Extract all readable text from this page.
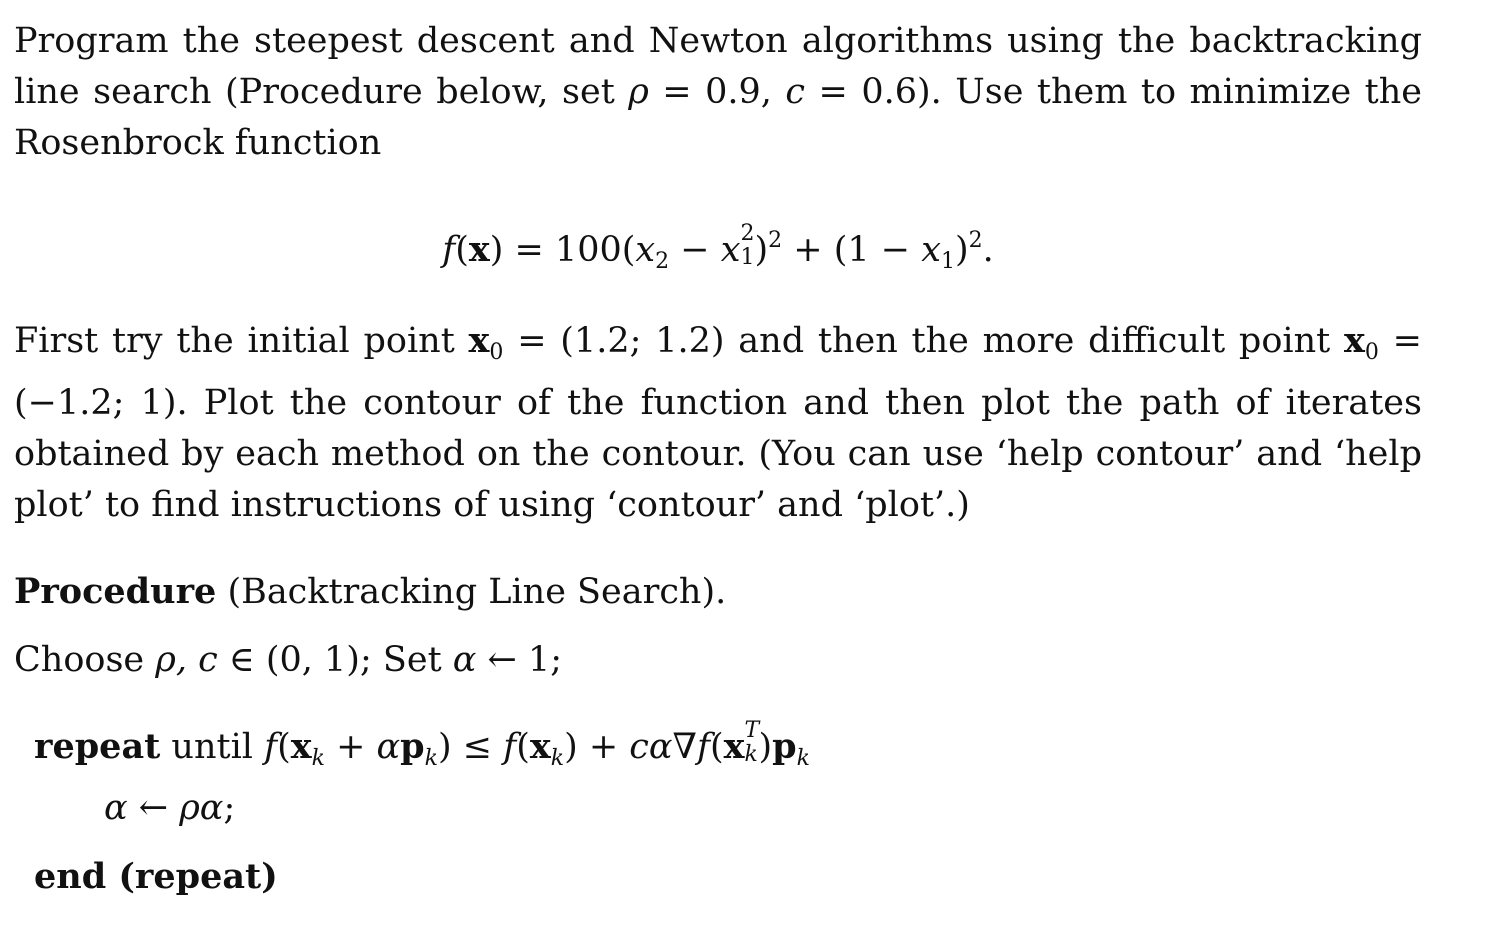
Program the steepest descent and Newton algorithms using the backtracking line search (Procedure below, set ρ = 0.9, c = 0.6). Use them to minimize the Rosenbrock function

$f(x) = 100(x_2 - x$ 2
1 )$^2 + (1 - x_1)^2$.

First try the initial point $x_0 = (1.2$; 1.2) and then the more difficult point $x_0 = (-1.2$; 1). Plot the contour of the function and then plot the path of iterates obtained by each method on the contour. (You can use ‘help contour’ and ‘help plot’ to find instructions of using ‘contour’ and ‘plot’.)

Procedure (Backtracking Line Search).
Choose ρ, c ∈ (0, 1); Set α ← 1;
repeat until $f(x_k + \alpha p_k) \le f(x_k) + c\alpha\nabla f(x$ T
k )$p_k$
α ← ρα;
end (repeat)
